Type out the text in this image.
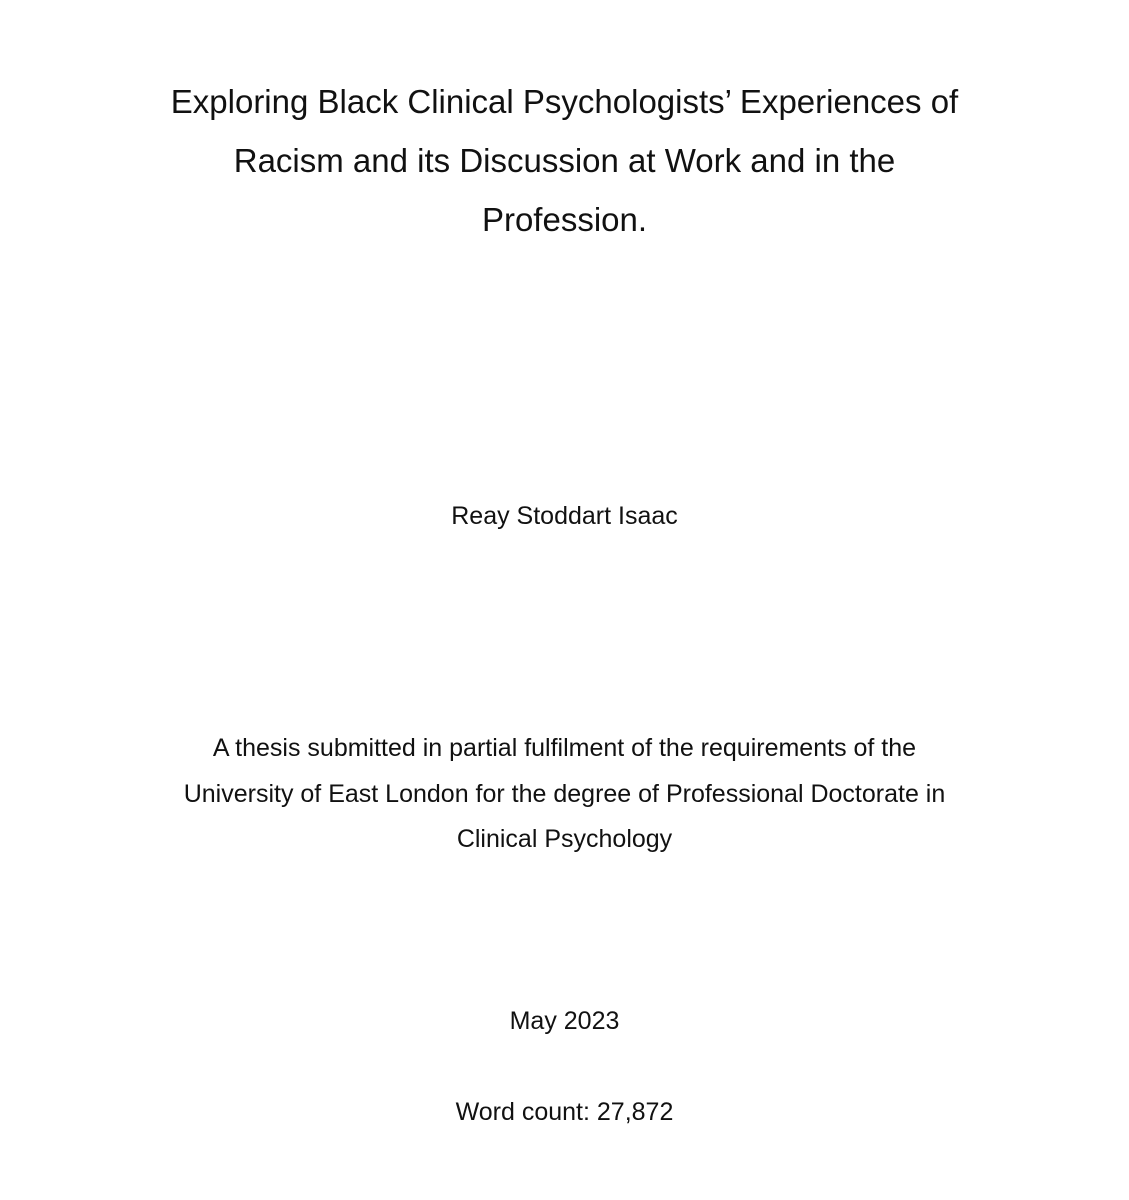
Exploring Black Clinical Psychologists’ Experiences of
Racism and its Discussion at Work and in the
Profession.
Reay Stoddart Isaac
A thesis submitted in partial fulfilment of the requirements of the
University of East London for the degree of Professional Doctorate in
Clinical Psychology
May 2023
Word count: 27,872
